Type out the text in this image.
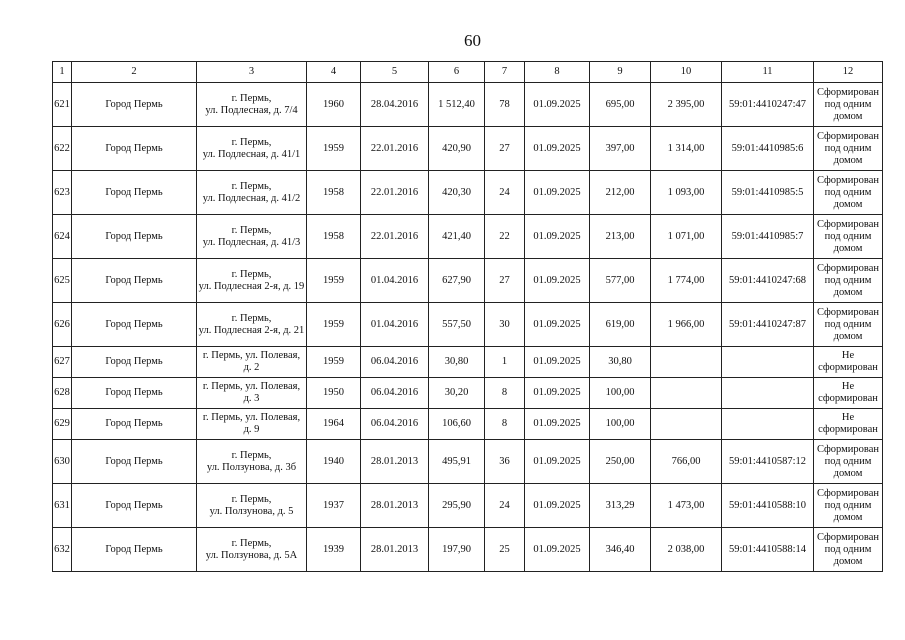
60
1	2	3	4	5	6	7	8	9	10	11	12
621	Город Пермь	г. Пермь,
ул. Подлесная, д. 7/4	1960	28.04.2016	1 512,40	78	01.09.2025	695,00	2 395,00	59:01:4410247:47	Сформирован
под одним
домом
622	Город Пермь	г. Пермь,
ул. Подлесная, д. 41/1	1959	22.01.2016	420,90	27	01.09.2025	397,00	1 314,00	59:01:4410985:6	Сформирован
под одним
домом
623	Город Пермь	г. Пермь,
ул. Подлесная, д. 41/2	1958	22.01.2016	420,30	24	01.09.2025	212,00	1 093,00	59:01:4410985:5	Сформирован
под одним
домом
624	Город Пермь	г. Пермь,
ул. Подлесная, д. 41/3	1958	22.01.2016	421,40	22	01.09.2025	213,00	1 071,00	59:01:4410985:7	Сформирован
под одним
домом
625	Город Пермь	г. Пермь,
ул. Подлесная 2-я, д. 19	1959	01.04.2016	627,90	27	01.09.2025	577,00	1 774,00	59:01:4410247:68	Сформирован
под одним
домом
626	Город Пермь	г. Пермь,
ул. Подлесная 2-я, д. 21	1959	01.04.2016	557,50	30	01.09.2025	619,00	1 966,00	59:01:4410247:87	Сформирован
под одним
домом
627	Город Пермь	г. Пермь, ул. Полевая,
д. 2	1959	06.04.2016	30,80	1	01.09.2025	30,80			Не
сформирован
628	Город Пермь	г. Пермь, ул. Полевая,
д. 3	1950	06.04.2016	30,20	8	01.09.2025	100,00			Не
сформирован
629	Город Пермь	г. Пермь, ул. Полевая,
д. 9	1964	06.04.2016	106,60	8	01.09.2025	100,00			Не
сформирован
630	Город Пермь	г. Пермь,
ул. Ползунова, д. 3б	1940	28.01.2013	495,91	36	01.09.2025	250,00	766,00	59:01:4410587:12	Сформирован
под одним
домом
631	Город Пермь	г. Пермь,
ул. Ползунова, д. 5	1937	28.01.2013	295,90	24	01.09.2025	313,29	1 473,00	59:01:4410588:10	Сформирован
под одним
домом
632	Город Пермь	г. Пермь,
ул. Ползунова, д. 5А	1939	28.01.2013	197,90	25	01.09.2025	346,40	2 038,00	59:01:4410588:14	Сформирован
под одним
домом
